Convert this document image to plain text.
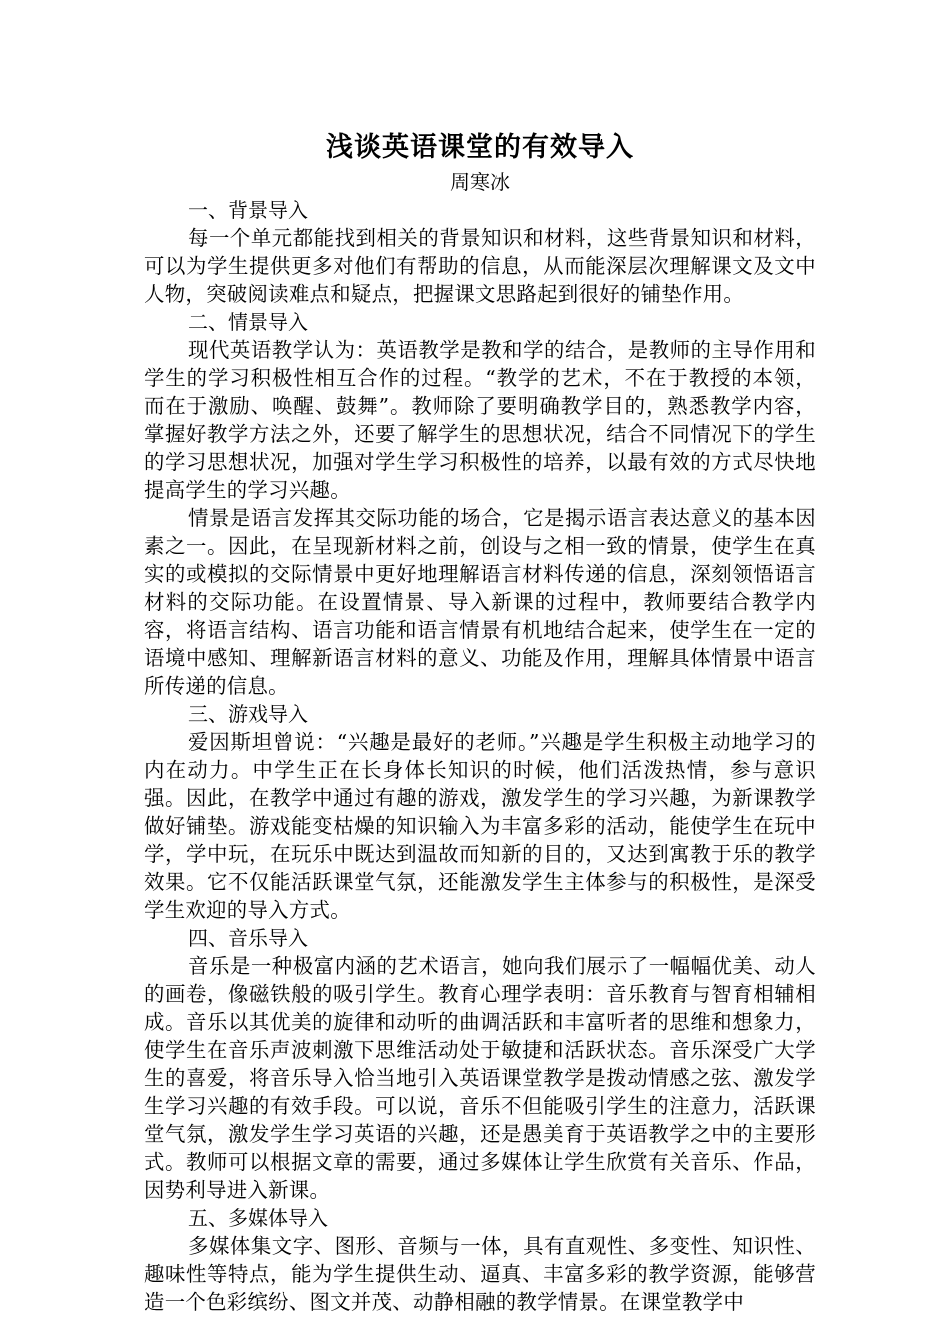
浅谈英语课堂的有效导入

周寒冰

一、背景导入

每一个单元都能找到相关的背景知识和材料，这些背景知识和材料，可以为学生提供更多对他们有帮助的信息，从而能深层次理解课文及文中人物，突破阅读难点和疑点，把握课文思路起到很好的铺垫作用。

二、情景导入

现代英语教学认为：英语教学是教和学的结合，是教师的主导作用和学生的学习积极性相互合作的过程。“教学的艺术，不在于教授的本领，而在于激励、唤醒、鼓舞”。教师除了要明确教学目的，熟悉教学内容，掌握好教学方法之外，还要了解学生的思想状况，结合不同情况下的学生的学习思想状况，加强对学生学习积极性的培养，以最有效的方式尽快地提高学生的学习兴趣。

情景是语言发挥其交际功能的场合，它是揭示语言表达意义的基本因素之一。因此，在呈现新材料之前，创设与之相一致的情景，使学生在真实的或模拟的交际情景中更好地理解语言材料传递的信息，深刻领悟语言材料的交际功能。在设置情景、导入新课的过程中，教师要结合教学内容，将语言结构、语言功能和语言情景有机地结合起来，使学生在一定的语境中感知、理解新语言材料的意义、功能及作用，理解具体情景中语言所传递的信息。

三、游戏导入

爱因斯坦曾说：“兴趣是最好的老师。”兴趣是学生积极主动地学习的内在动力。中学生正在长身体长知识的时候，他们活泼热情，参与意识强。因此，在教学中通过有趣的游戏，激发学生的学习兴趣，为新课教学做好铺垫。游戏能变枯燥的知识输入为丰富多彩的活动，能使学生在玩中学，学中玩，在玩乐中既达到温故而知新的目的，又达到寓教于乐的教学效果。它不仅能活跃课堂气氛，还能激发学生主体参与的积极性，是深受学生欢迎的导入方式。

四、音乐导入

音乐是一种极富内涵的艺术语言，她向我们展示了一幅幅优美、动人的画卷，像磁铁般的吸引学生。教育心理学表明：音乐教育与智育相辅相成。音乐以其优美的旋律和动听的曲调活跃和丰富听者的思维和想象力，使学生在音乐声波刺激下思维活动处于敏捷和活跃状态。音乐深受广大学生的喜爱，将音乐导入恰当地引入英语课堂教学是拨动情感之弦、激发学生学习兴趣的有效手段。可以说，音乐不但能吸引学生的注意力，活跃课堂气氛，激发学生学习英语的兴趣，还是愚美育于英语教学之中的主要形式。教师可以根据文章的需要，通过多媒体让学生欣赏有关音乐、作品，因势利导进入新课。

五、多媒体导入

多媒体集文字、图形、音频与一体，具有直观性、多变性、知识性、趣味性等特点，能为学生提供生动、逼真、丰富多彩的教学资源，能够营造一个色彩缤纷、图文并茂、动静相融的教学情景。在课堂教学中
